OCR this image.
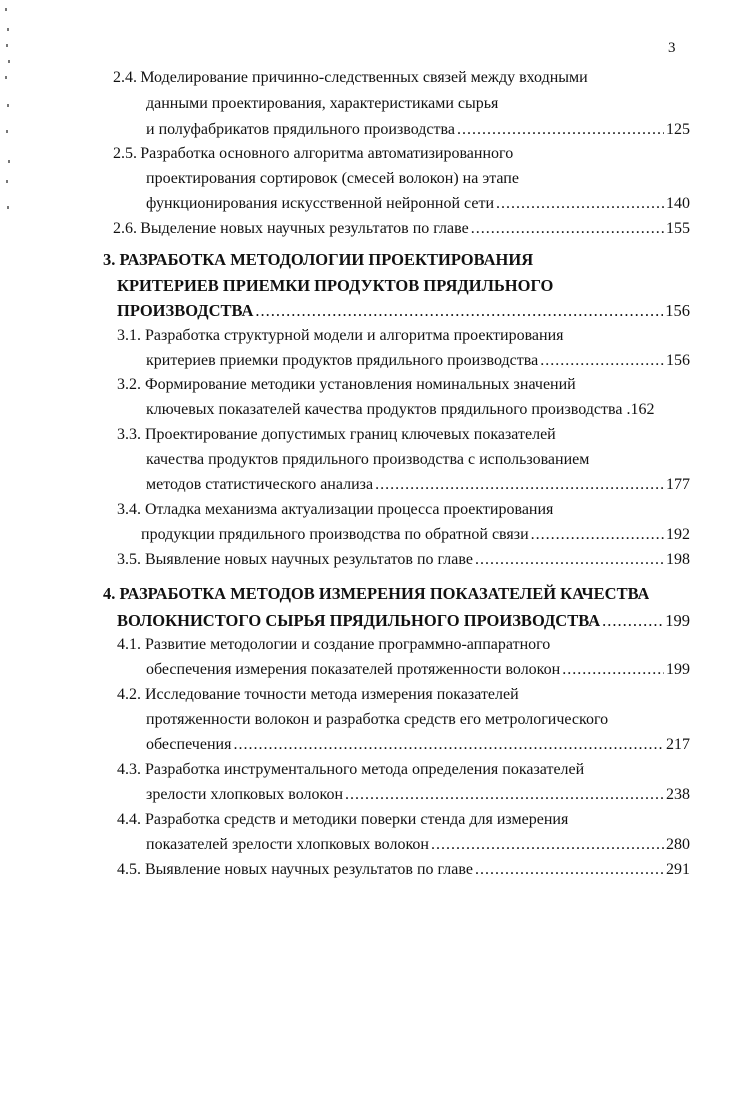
3
2.4. Моделирование причинно-следственных связей между входными
данными проектирования, характеристиками сырья
и полуфабрикатов прядильного производства .....	125
2.5. Разработка основного алгоритма автоматизированного
проектирования сортировок (смесей волокон) на этапе
функционирования искусственной нейронной сети .....	140
2.6. Выделение новых научных результатов по главе .....	155
3. РАЗРАБОТКА МЕТОДОЛОГИИ ПРОЕКТИРОВАНИЯ
КРИТЕРИЕВ ПРИЕМКИ ПРОДУКТОВ ПРЯДИЛЬНОГО
ПРОИЗВОДСТВА .....	156
3.1. Разработка структурной модели и алгоритма проектирования
критериев приемки продуктов прядильного производства .....	156
3.2. Формирование методики установления номинальных значений
ключевых показателей качества продуктов прядильного производства . 162
3.3. Проектирование допустимых границ ключевых показателей
качества продуктов прядильного производства с использованием
методов статистического анализа .....	177
3.4. Отладка механизма актуализации процесса проектирования
продукции прядильного производства по обратной связи .....	192
3.5. Выявление новых научных результатов по главе .....	198
4. РАЗРАБОТКА МЕТОДОВ ИЗМЕРЕНИЯ ПОКАЗАТЕЛЕЙ КАЧЕСТВА
ВОЛОКНИСТОГО СЫРЬЯ ПРЯДИЛЬНОГО ПРОИЗВОДСТВА .....	199
4.1. Развитие методологии и создание программно-аппаратного
обеспечения измерения показателей протяженности волокон .....	199
4.2. Исследование точности метода измерения показателей
протяженности волокон и разработка средств его метрологического
обеспечения .....	217
4.3. Разработка инструментального метода определения показателей
зрелости хлопковых волокон .....	238
4.4. Разработка средств и методики поверки стенда для измерения
показателей зрелости хлопковых волокон .....	280
4.5. Выявление новых научных результатов по главе .....	291
